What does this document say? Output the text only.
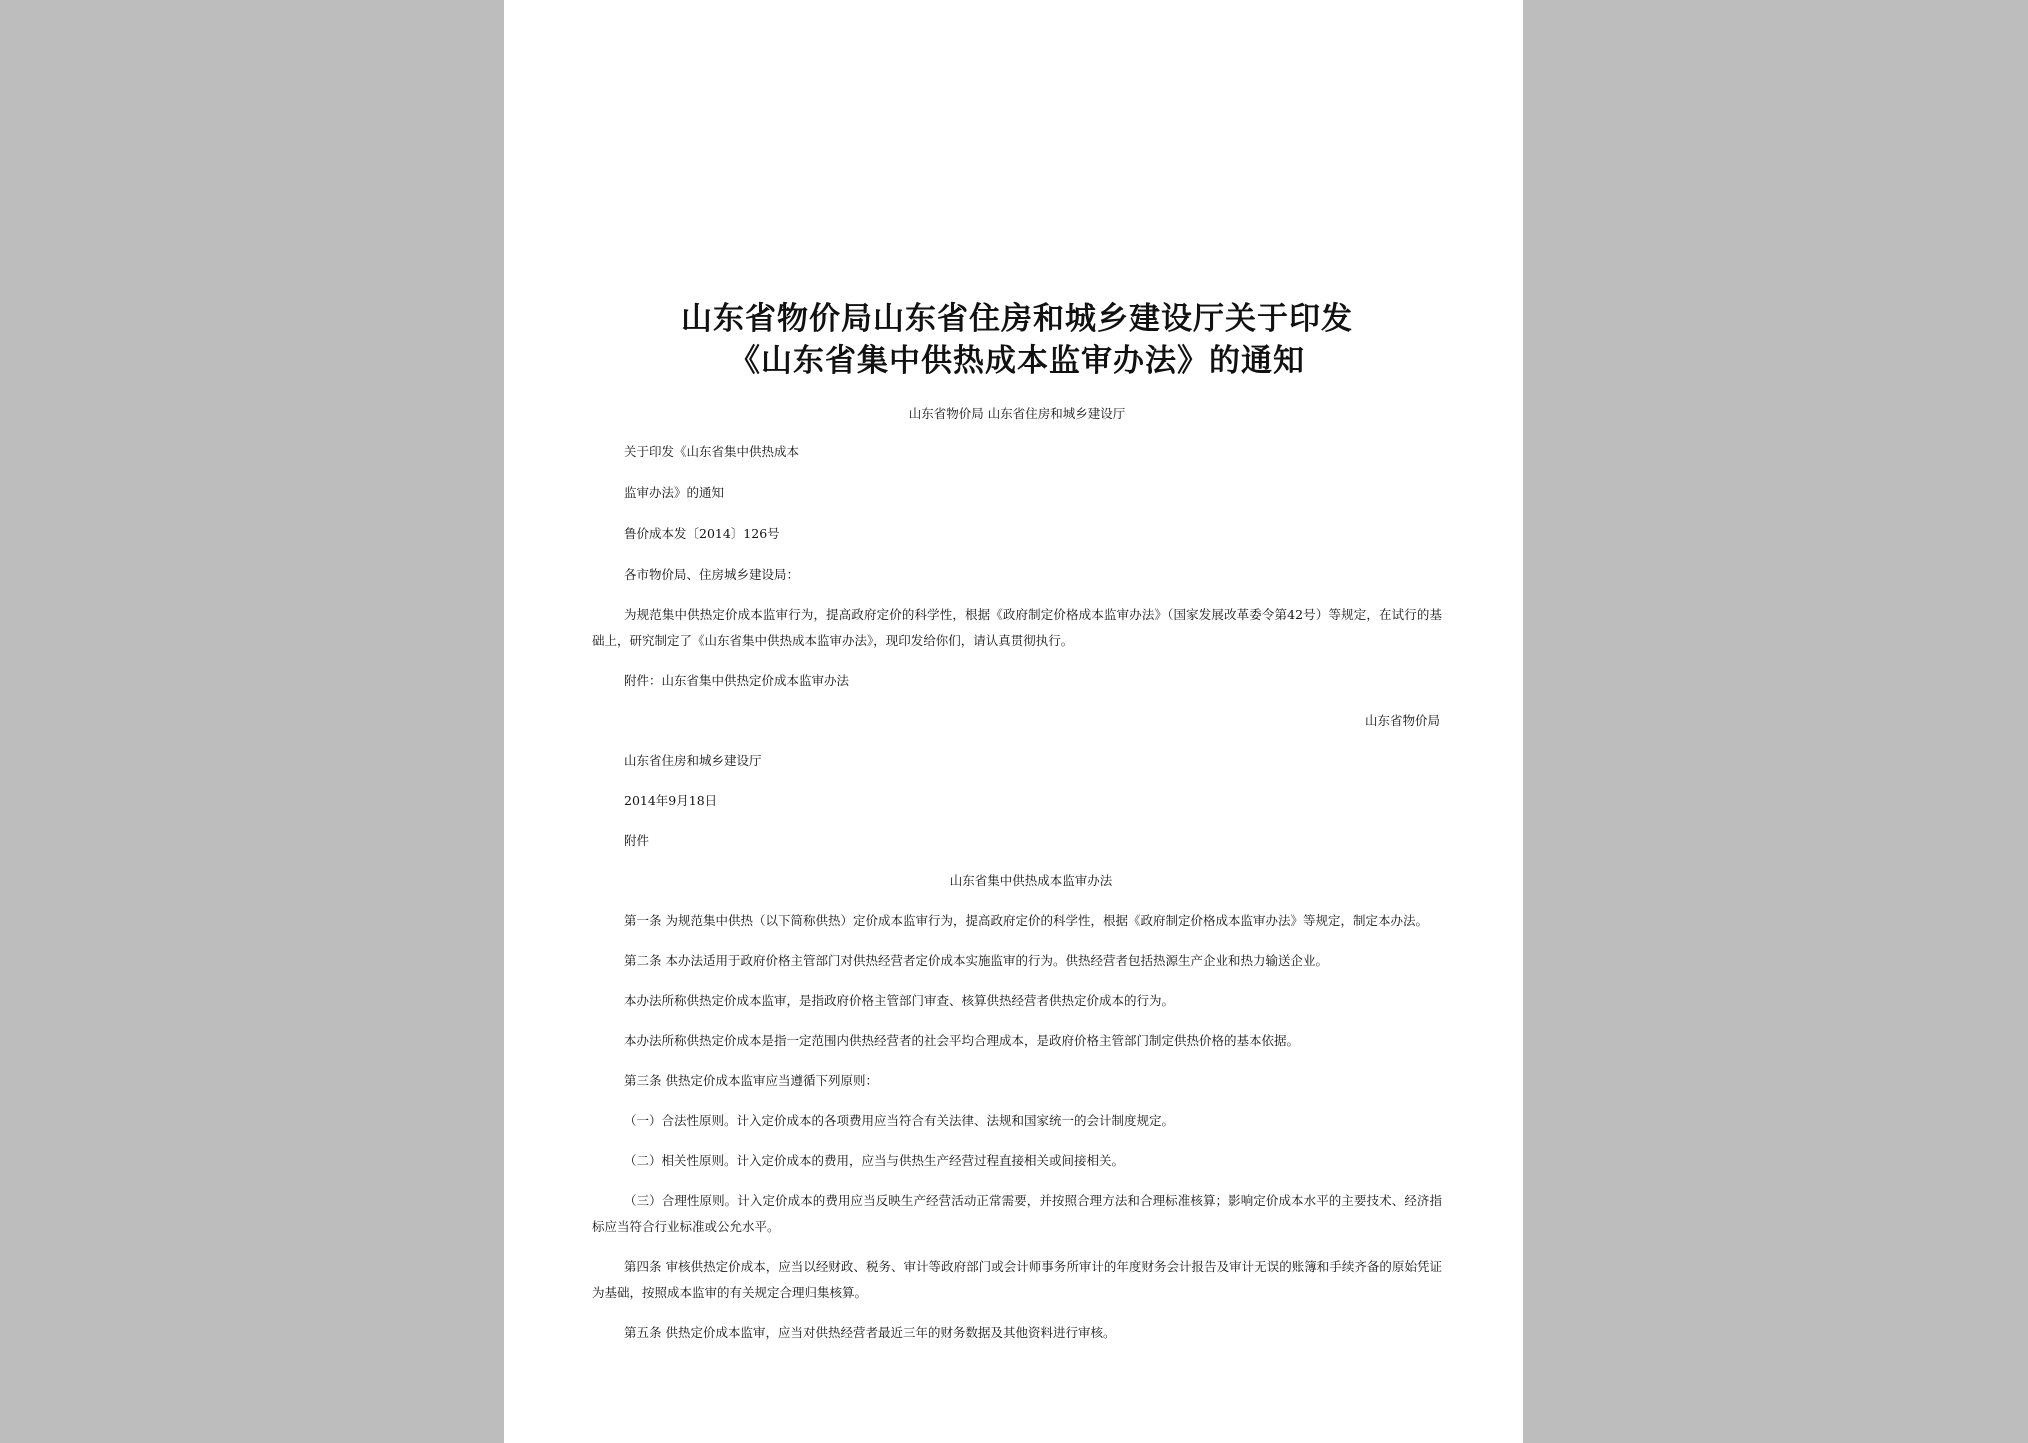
山东省物价局山东省住房和城乡建设厅关于印发
《山东省集中供热成本监审办法》的通知
山东省物价局 山东省住房和城乡建设厅
关于印发《山东省集中供热成本
监审办法》的通知
鲁价成本发〔2014〕126号
各市物价局、住房城乡建设局：
为规范集中供热定价成本监审行为，提高政府定价的科学性，根据《政府制定价格成本监审办法》（国家发展改革委令第42号）等规定，在试行的基础上，研究制定了《山东省集中供热成本监审办法》，现印发给你们，请认真贯彻执行。
附件：山东省集中供热定价成本监审办法
山东省物价局
山东省住房和城乡建设厅
2014年9月18日
附件
山东省集中供热成本监审办法
第一条 为规范集中供热（以下简称供热）定价成本监审行为，提高政府定价的科学性，根据《政府制定价格成本监审办法》等规定，制定本办法。
第二条 本办法适用于政府价格主管部门对供热经营者定价成本实施监审的行为。供热经营者包括热源生产企业和热力输送企业。
本办法所称供热定价成本监审，是指政府价格主管部门审查、核算供热经营者供热定价成本的行为。
本办法所称供热定价成本是指一定范围内供热经营者的社会平均合理成本，是政府价格主管部门制定供热价格的基本依据。
第三条 供热定价成本监审应当遵循下列原则：
（一）合法性原则。计入定价成本的各项费用应当符合有关法律、法规和国家统一的会计制度规定。
（二）相关性原则。计入定价成本的费用，应当与供热生产经营过程直接相关或间接相关。
（三）合理性原则。计入定价成本的费用应当反映生产经营活动正常需要，并按照合理方法和合理标准核算；影响定价成本水平的主要技术、经济指标应当符合行业标准或公允水平。
第四条 审核供热定价成本，应当以经财政、税务、审计等政府部门或会计师事务所审计的年度财务会计报告及审计无误的账簿和手续齐备的原始凭证为基础，按照成本监审的有关规定合理归集核算。
第五条 供热定价成本监审，应当对供热经营者最近三年的财务数据及其他资料进行审核。
